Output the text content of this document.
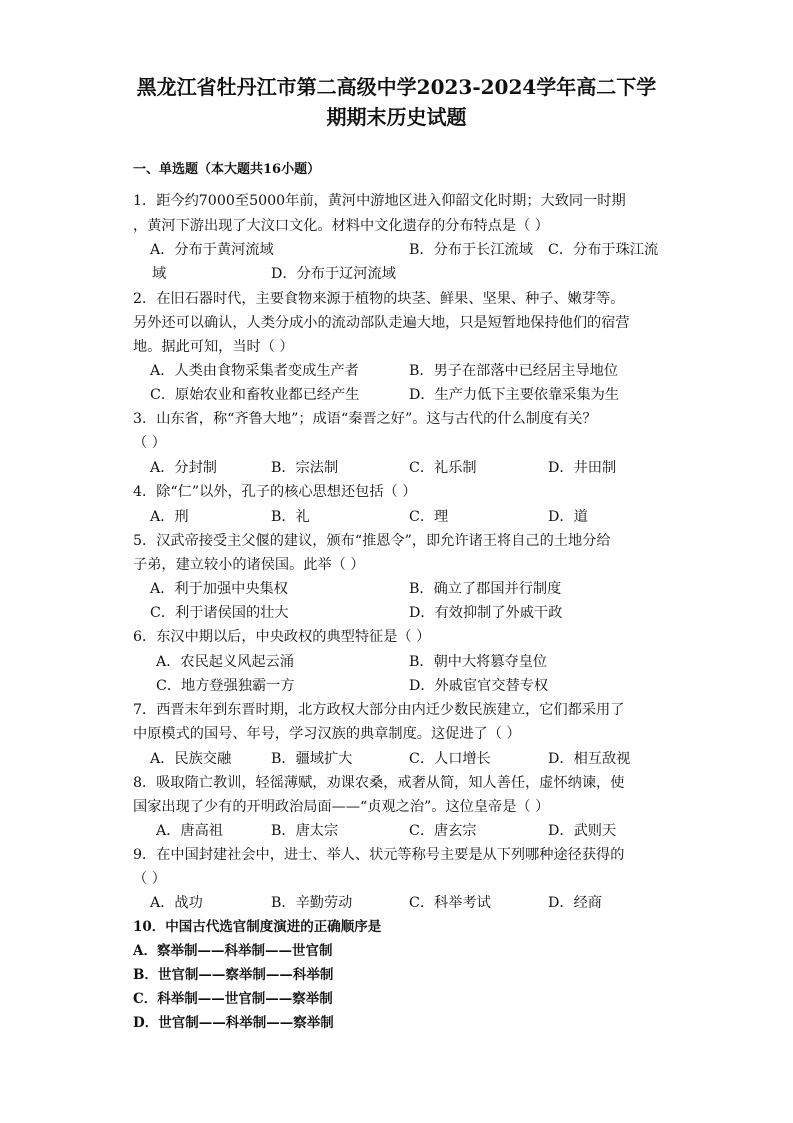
黑龙江省牡丹江市第二高级中学2023-2024学年高二下学
期期末历史试题
一、单选题（本大题共16小题）
1．距今约7000至5000年前，黄河中游地区进入仰韶文化时期；大致同一时期
，黄河下游出现了大汶口文化。材料中文化遗存的分布特点是（ ）
A．分布于黄河流域	B．分布于长江流域 C．分布于珠江流
域	D．分布于辽河流域
2．在旧石器时代，主要食物来源于植物的块茎、鲜果、坚果、种子、嫩芽等。
另外还可以确认，人类分成小的流动部队走遍大地，只是短暂地保持他们的宿营
地。据此可知，当时（ ）
A．人类由食物采集者变成生产者	B．男子在部落中已经居主导地位
C．原始农业和畜牧业都已经产生	D．生产力低下主要依靠采集为生
3．山东省，称“齐鲁大地”；成语“秦晋之好”。这与古代的什么制度有关？
（ ）
A．分封制	B．宗法制	C．礼乐制	D．井田制
4．除“仁”以外，孔子的核心思想还包括（ ）
A．刑	B．礼	C．理	D．道
5．汉武帝接受主父偃的建议，颁布“推恩令”，即允许诸王将自己的土地分给
子弟，建立较小的诸侯国。此举（ ）
A．利于加强中央集权	B．确立了郡国并行制度
C．利于诸侯国的壮大	D．有效抑制了外戚干政
6．东汉中期以后，中央政权的典型特征是（ ）
A．农民起义风起云涌	B．朝中大将篡夺皇位
C．地方登强独霸一方	D．外戚宦官交替专权
7．西晋末年到东晋时期，北方政权大部分由内迁少数民族建立，它们都采用了
中原模式的国号、年号，学习汉族的典章制度。这促进了（ ）
A．民族交融	B．疆域扩大	C．人口增长	D．相互敌视
8．吸取隋亡教训，轻徭薄赋，劝课农桑，戒奢从简，知人善任，虚怀纳谏，使
国家出现了少有的开明政治局面——“贞观之治”。这位皇帝是（ ）
A．唐高祖	B．唐太宗	C．唐玄宗	D．武则天
9．在中国封建社会中，进士、举人、状元等称号主要是从下列哪种途径获得的
（ ）
A．战功	B．辛勤劳动	C．科举考试	D．经商
10．中国古代选官制度演进的正确顺序是
A．察举制——科举制——世官制
B．世官制——察举制——科举制
C．科举制——世官制——察举制
D．世官制——科举制——察举制
